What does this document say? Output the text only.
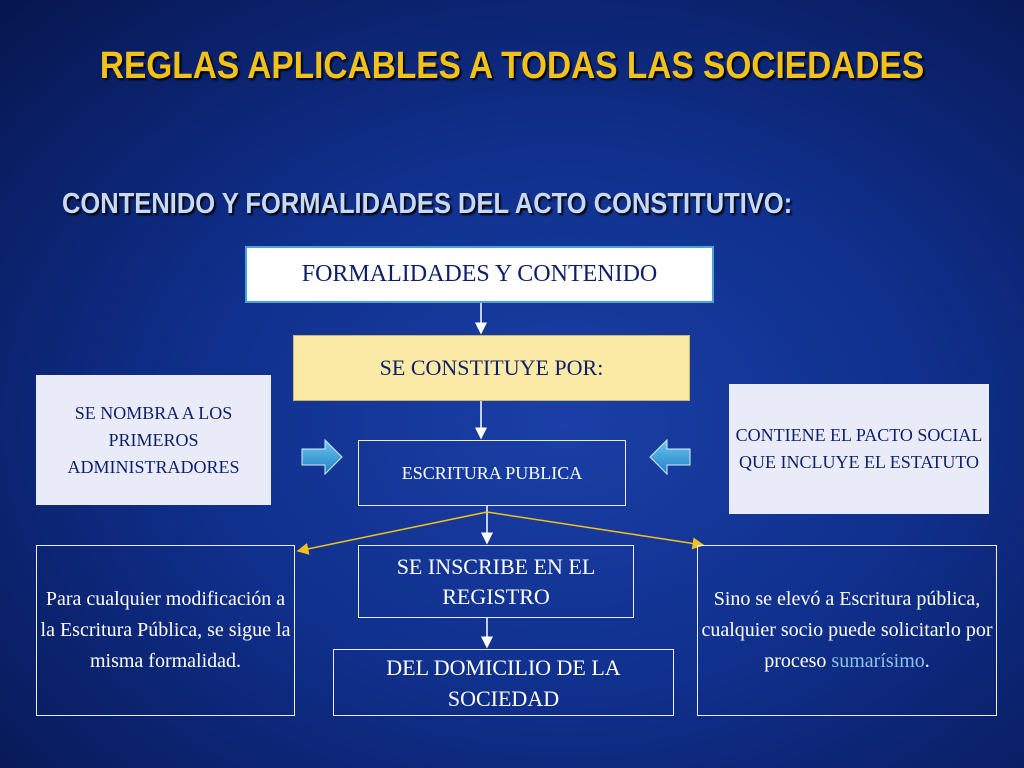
REGLAS APLICABLES A TODAS LAS SOCIEDADES
CONTENIDO Y FORMALIDADES DEL ACTO CONSTITUTIVO:
FORMALIDADES Y CONTENIDO
SE CONSTITUYE POR:
SE NOMBRA A LOS PRIMEROS ADMINISTRADORES
CONTIENE EL PACTO SOCIAL QUE INCLUYE EL ESTATUTO
ESCRITURA PUBLICA
SE INSCRIBE EN EL REGISTRO
DEL DOMICILIO DE LA SOCIEDAD
Para cualquier modificación a la Escritura Pública, se sigue la misma formalidad.
Sino se elevó a Escritura pública, cualquier socio puede solicitarlo por proceso sumarísimo.
